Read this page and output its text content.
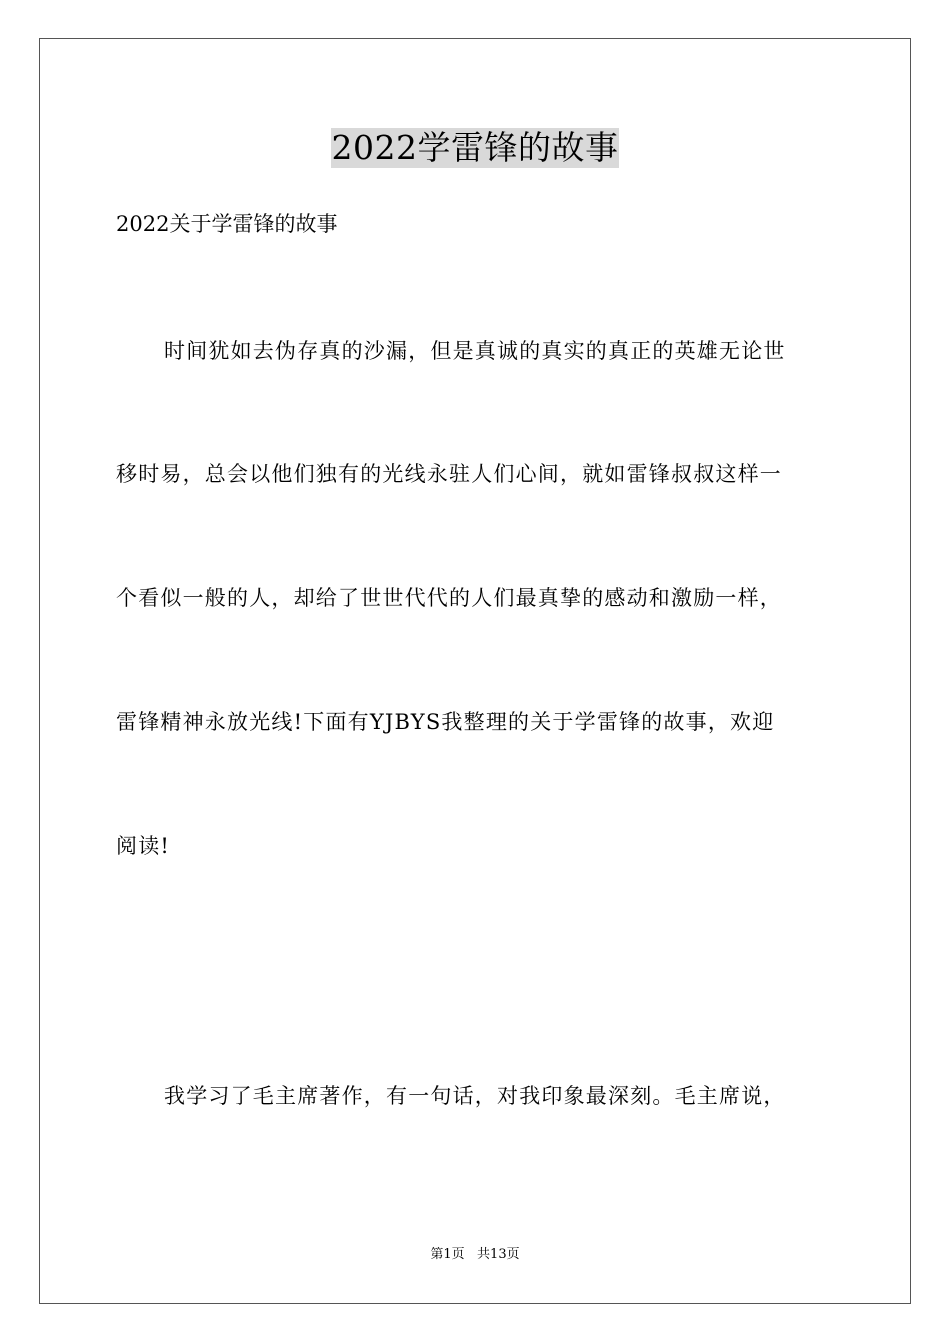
2022学雷锋的故事
2022关于学雷锋的故事
时间犹如去伪存真的沙漏，但是真诚的真实的真正的英雄无论世
移时易，总会以他们独有的光线永驻人们心间，就如雷锋叔叔这样一
个看似一般的人，却给了世世代代的人们最真挚的感动和激励一样，
雷锋精神永放光线!下面有YJBYS我整理的关于学雷锋的故事，欢迎
阅读!
我学习了毛主席著作，有一句话，对我印象最深刻。毛主席说，
第1页   共13页
